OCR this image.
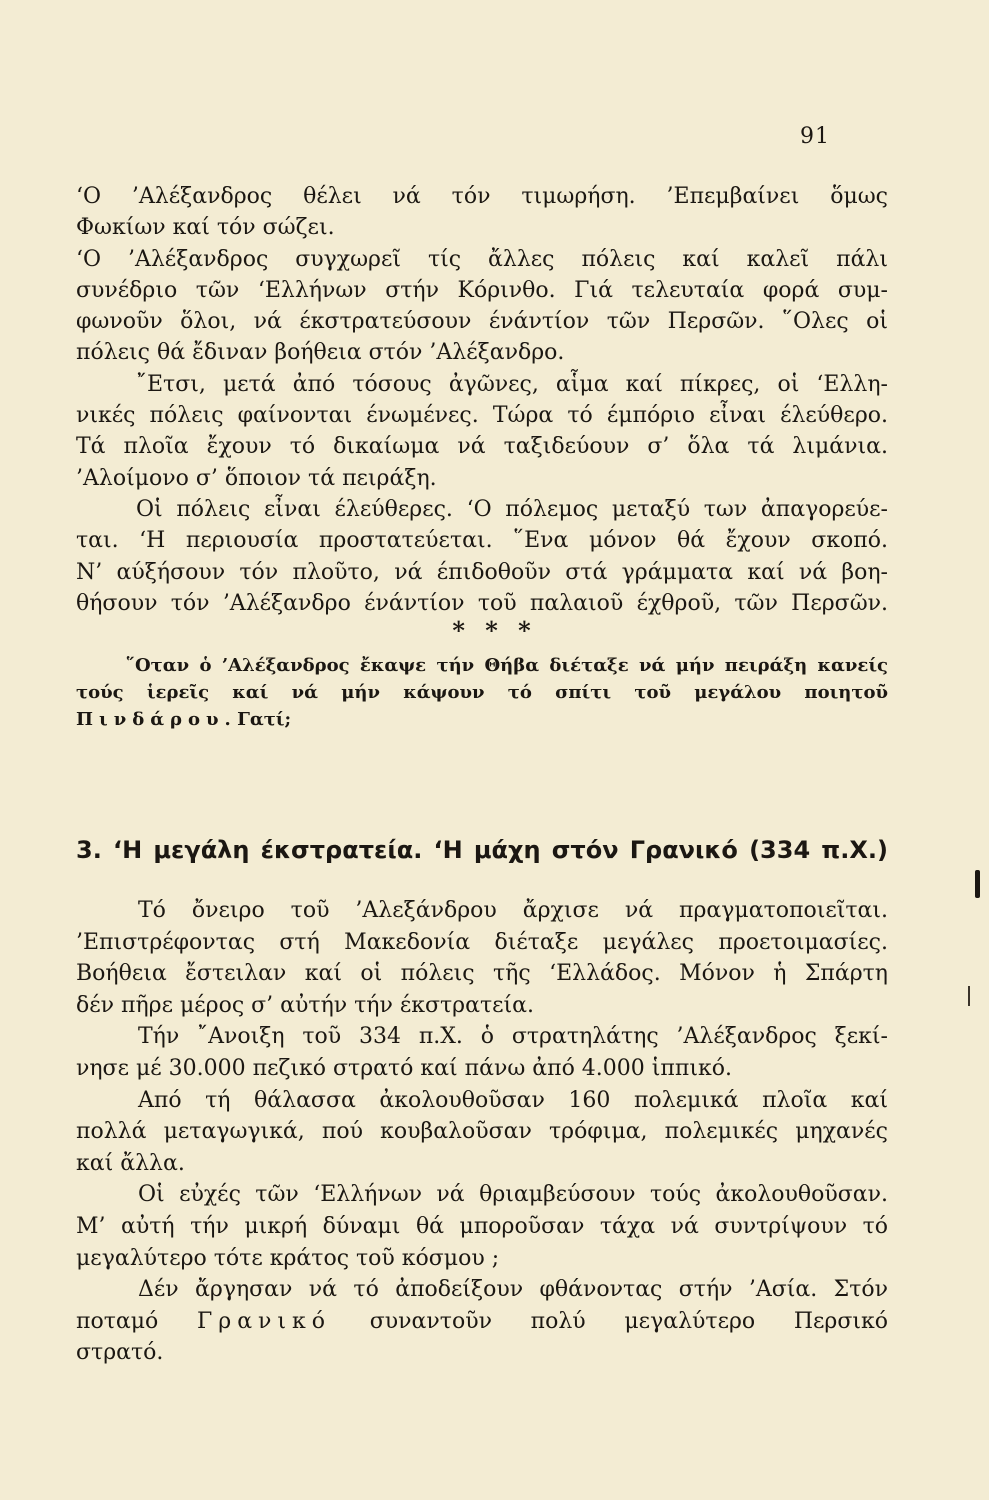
91
‘Ο ’Αλέξανδρος θέλει νά τόν τιμωρήση. ’Επεμβαίνει ὅμως
Φωκίων καί τόν σώζει.
‘Ο ’Αλέξανδρος συγχωρεῖ τίς ἄλλες πόλεις καί καλεῖ πάλι
συνέδριο τῶν ‘Ελλήνων στήν Κόρινθο. Γιά τελευταία φορά συμ-
φωνοῦν ὅλοι, νά έκστρατεύσουν ένάντίον τῶν Περσῶν. ῞Ολες οἱ
πόλεις θά ἔδιναν βοήθεια στόν ’Αλέξανδρο.
῎Ετσι, μετά ἀπό τόσους ἀγῶνες, αἷμα καί πίκρες, οἱ ‘Ελλη-
νικές πόλεις φαίνονται ένωμένες. Τώρα τό έμπόριο εἶναι έλεύθερο.
Τά πλοῖα ἔχουν τό δικαίωμα νά ταξιδεύουν σ’ ὅλα τά λιμάνια.
’Αλοίμονο σ’ ὅποιον τά πειράξη.
Οἱ πόλεις εἶναι έλεύθερες. ‘Ο πόλεμος μεταξύ των ἀπαγορεύε-
ται. ‘Η περιουσία προστατεύεται. ῞Ενα μόνον θά ἔχουν σκοπό.
Ν’ αύξήσουν τόν πλοῦτο, νά έπιδοθοῦν στά γράμματα καί νά βοη-
θήσουν τόν ’Αλέξανδρο ένάντίον τοῦ παλαιοῦ έχθροῦ, τῶν Περσῶν.
* * *
῞Οταν ὁ ’Αλέξανδρος ἔκαψε τήν Θήβα διέταξε νά μήν πειράξη κανείς
τούς ἱερεῖς καί νά μήν κάψουν τό σπίτι τοῦ μεγάλου ποιητοῦ
Πινδάρου. Γατί;
3. ‘Η μεγάλη έκστρατεία. ‘Η μάχη στόν Γρανικό (334 π.Χ.)
Τό ὄνειρο τοῦ ’Αλεξάνδρου ἄρχισε νά πραγματοποιεῖται.
’Επιστρέφοντας στή Μακεδονία διέταξε μεγάλες προετοιμασίες.
Βοήθεια ἔστειλαν καί οἱ πόλεις τῆς ‘Ελλάδος. Μόνον ἡ Σπάρτη
δέν πῆρε μέρος σ’ αὐτήν τήν έκστρατεία.
Τήν ῎Ανοιξη τοῦ 334 π.Χ. ὁ στρατηλάτης ’Αλέξανδρος ξεκί-
νησε μέ 30.000 πεζικό στρατό καί πάνω ἀπό 4.000 ἱππικό.
Από τή θάλασσα ἀκολουθοῦσαν 160 πολεμικά πλοῖα καί
πολλά μεταγωγικά, πού κουβαλοῦσαν τρόφιμα, πολεμικές μηχανές
καί ἄλλα.
Οἱ εὐχές τῶν ‘Ελλήνων νά θριαμβεύσουν τούς ἀκολουθοῦσαν.
Μ’ αὐτή τήν μικρή δύναμι θά μποροῦσαν τάχα νά συντρίψουν τό
μεγαλύτερο τότε κράτος τοῦ κόσμου ;
Δέν ἄργησαν νά τό ἀποδείξουν φθάνοντας στήν ’Ασία. Στόν
ποταμό Γρανικό συναντοῦν πολύ μεγαλύτερο Περσικό
στρατό.
